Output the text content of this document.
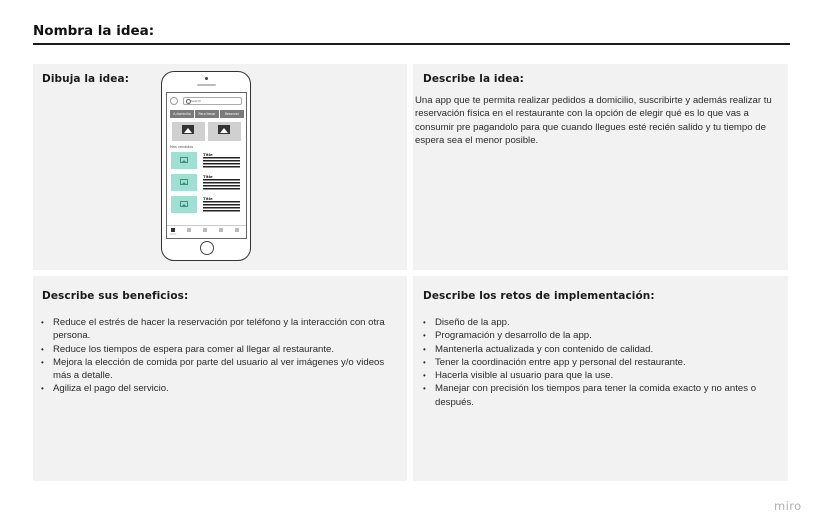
Nombra la idea:
Dibuja la idea:
Search
A domicilio	Para llevar	Reservar
Más vendidos
Title
Title
Title
Inicio
Describe la idea:

Una app que te permita realizar pedidos a domicilio, suscribirte y además realizar tu reservación física en el restaurante con la opción de elegir qué es lo que vas a consumir pre pagandolo para que cuando llegues esté recién salido y tu tiempo de espera sea el menor posible.

Describe sus beneficios:
• Reduce el estrés de hacer la reservación por teléfono y la interacción con otra persona.
• Reduce los tiempos de espera para comer al llegar al restaurante.
• Mejora la elección de comida por parte del usuario al ver imágenes y/o videos más a detalle.
• Agiliza el pago del servicio.
Describe los retos de implementación:
• Diseño de la app.
• Programación y desarrollo de la app.
• Mantenerla actualizada y con contenido de calidad.
• Tener la coordinación entre app y personal del restaurante.
• Hacerla visible al usuario para que la use.
• Manejar con precisión los tiempos para tener la comida exacto y no antes o después.
miro
